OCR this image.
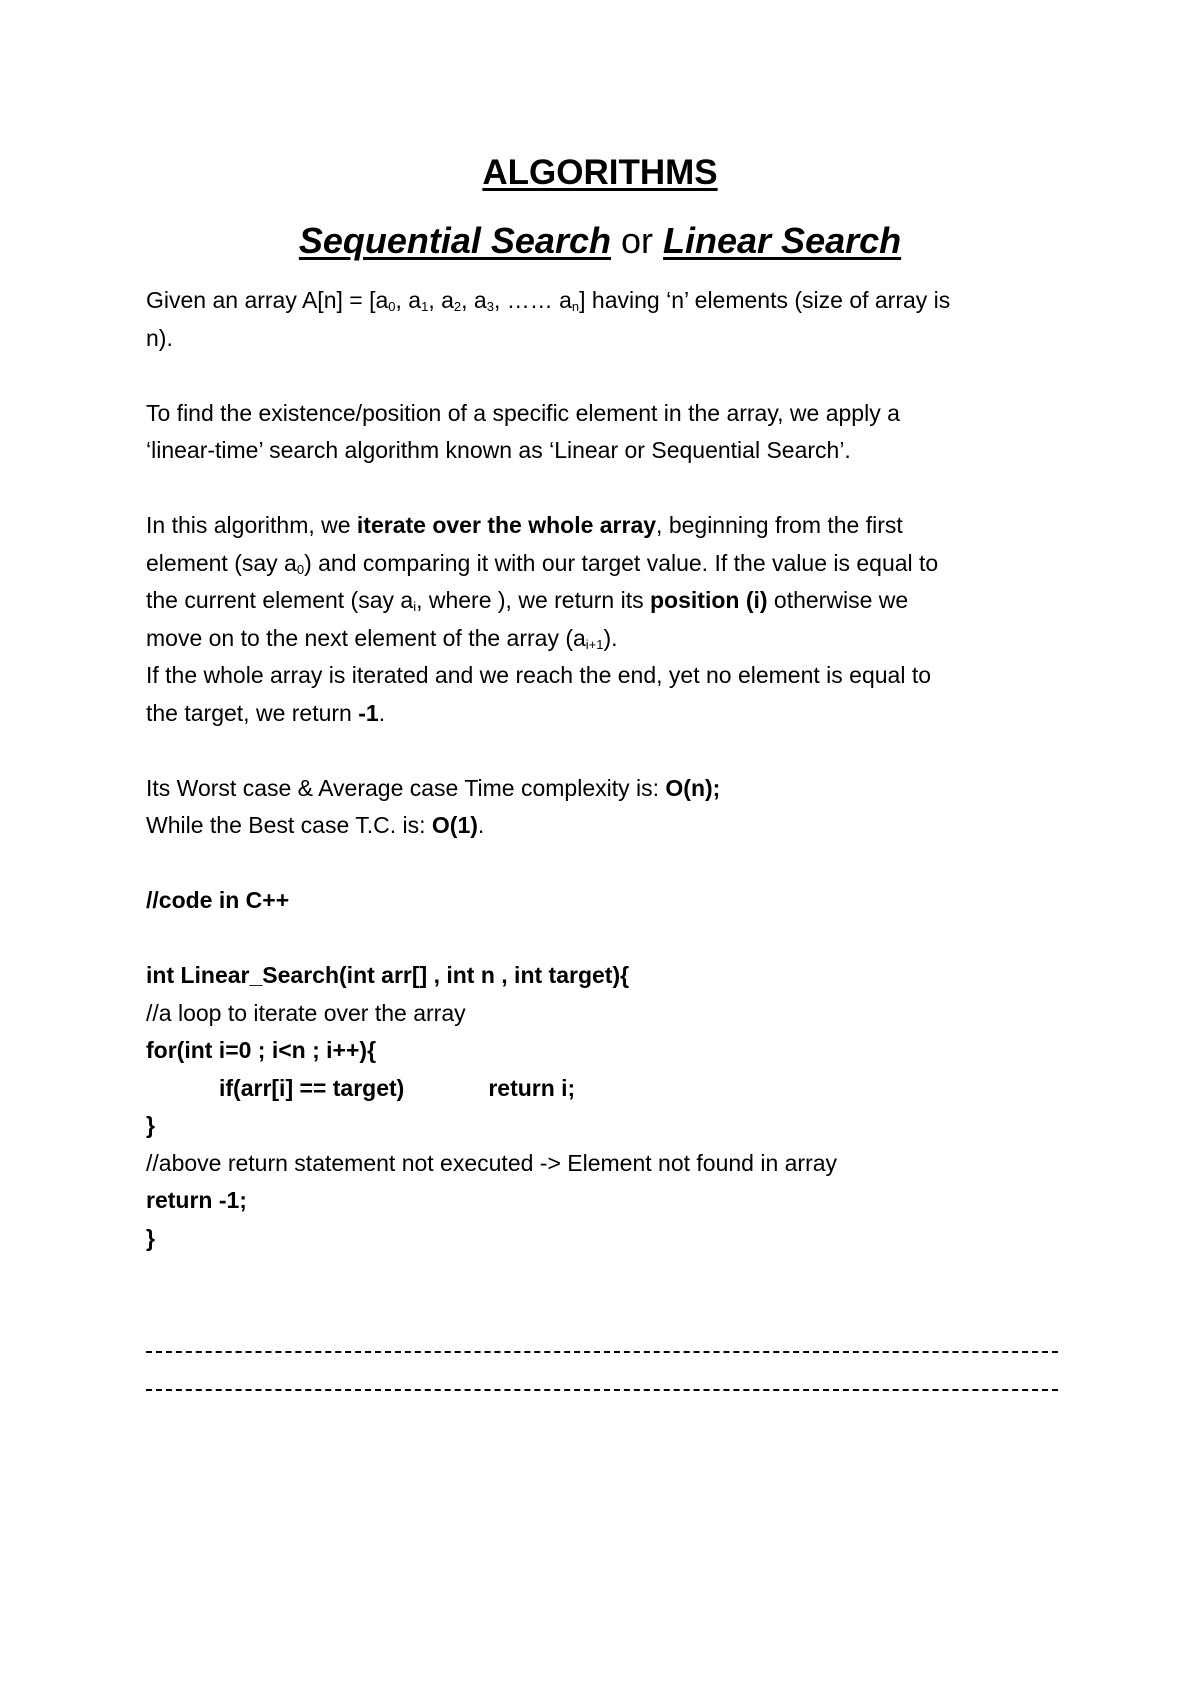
ALGORITHMS
Sequential Search or Linear Search
Given an array $A[n] = [a_0$, $a_1$, $a_2$, $a_3$, …… $a_n$] having ‘n’ elements (size of array is
n).
To find the existence/position of a specific element in the array, we apply a
‘linear-time’ search algorithm known as ‘Linear or Sequential Search’.
In this algorithm, we iterate over the whole array, beginning from the first
element (say $a_0$) and comparing it with our target value. If the value is equal to
the current element (say $a_i$, where ), we return its position (i) otherwise we
move on to the next element of the array $(a_{i+1})$.
If the whole array is iterated and we reach the end, yet no element is equal to
the target, we return -1.
Its Worst case & Average case Time complexity is: O(n);
While the Best case T.C. is: O(1).
//code in C++
int Linear_Search(int arr[] , int n , int target){
//a loop to iterate over the array
for(int i=0 ; i<n ; i++){
if(arr[i] == target)	return i;
}
//above return statement not executed -> Element not found in array
return -1;
}
